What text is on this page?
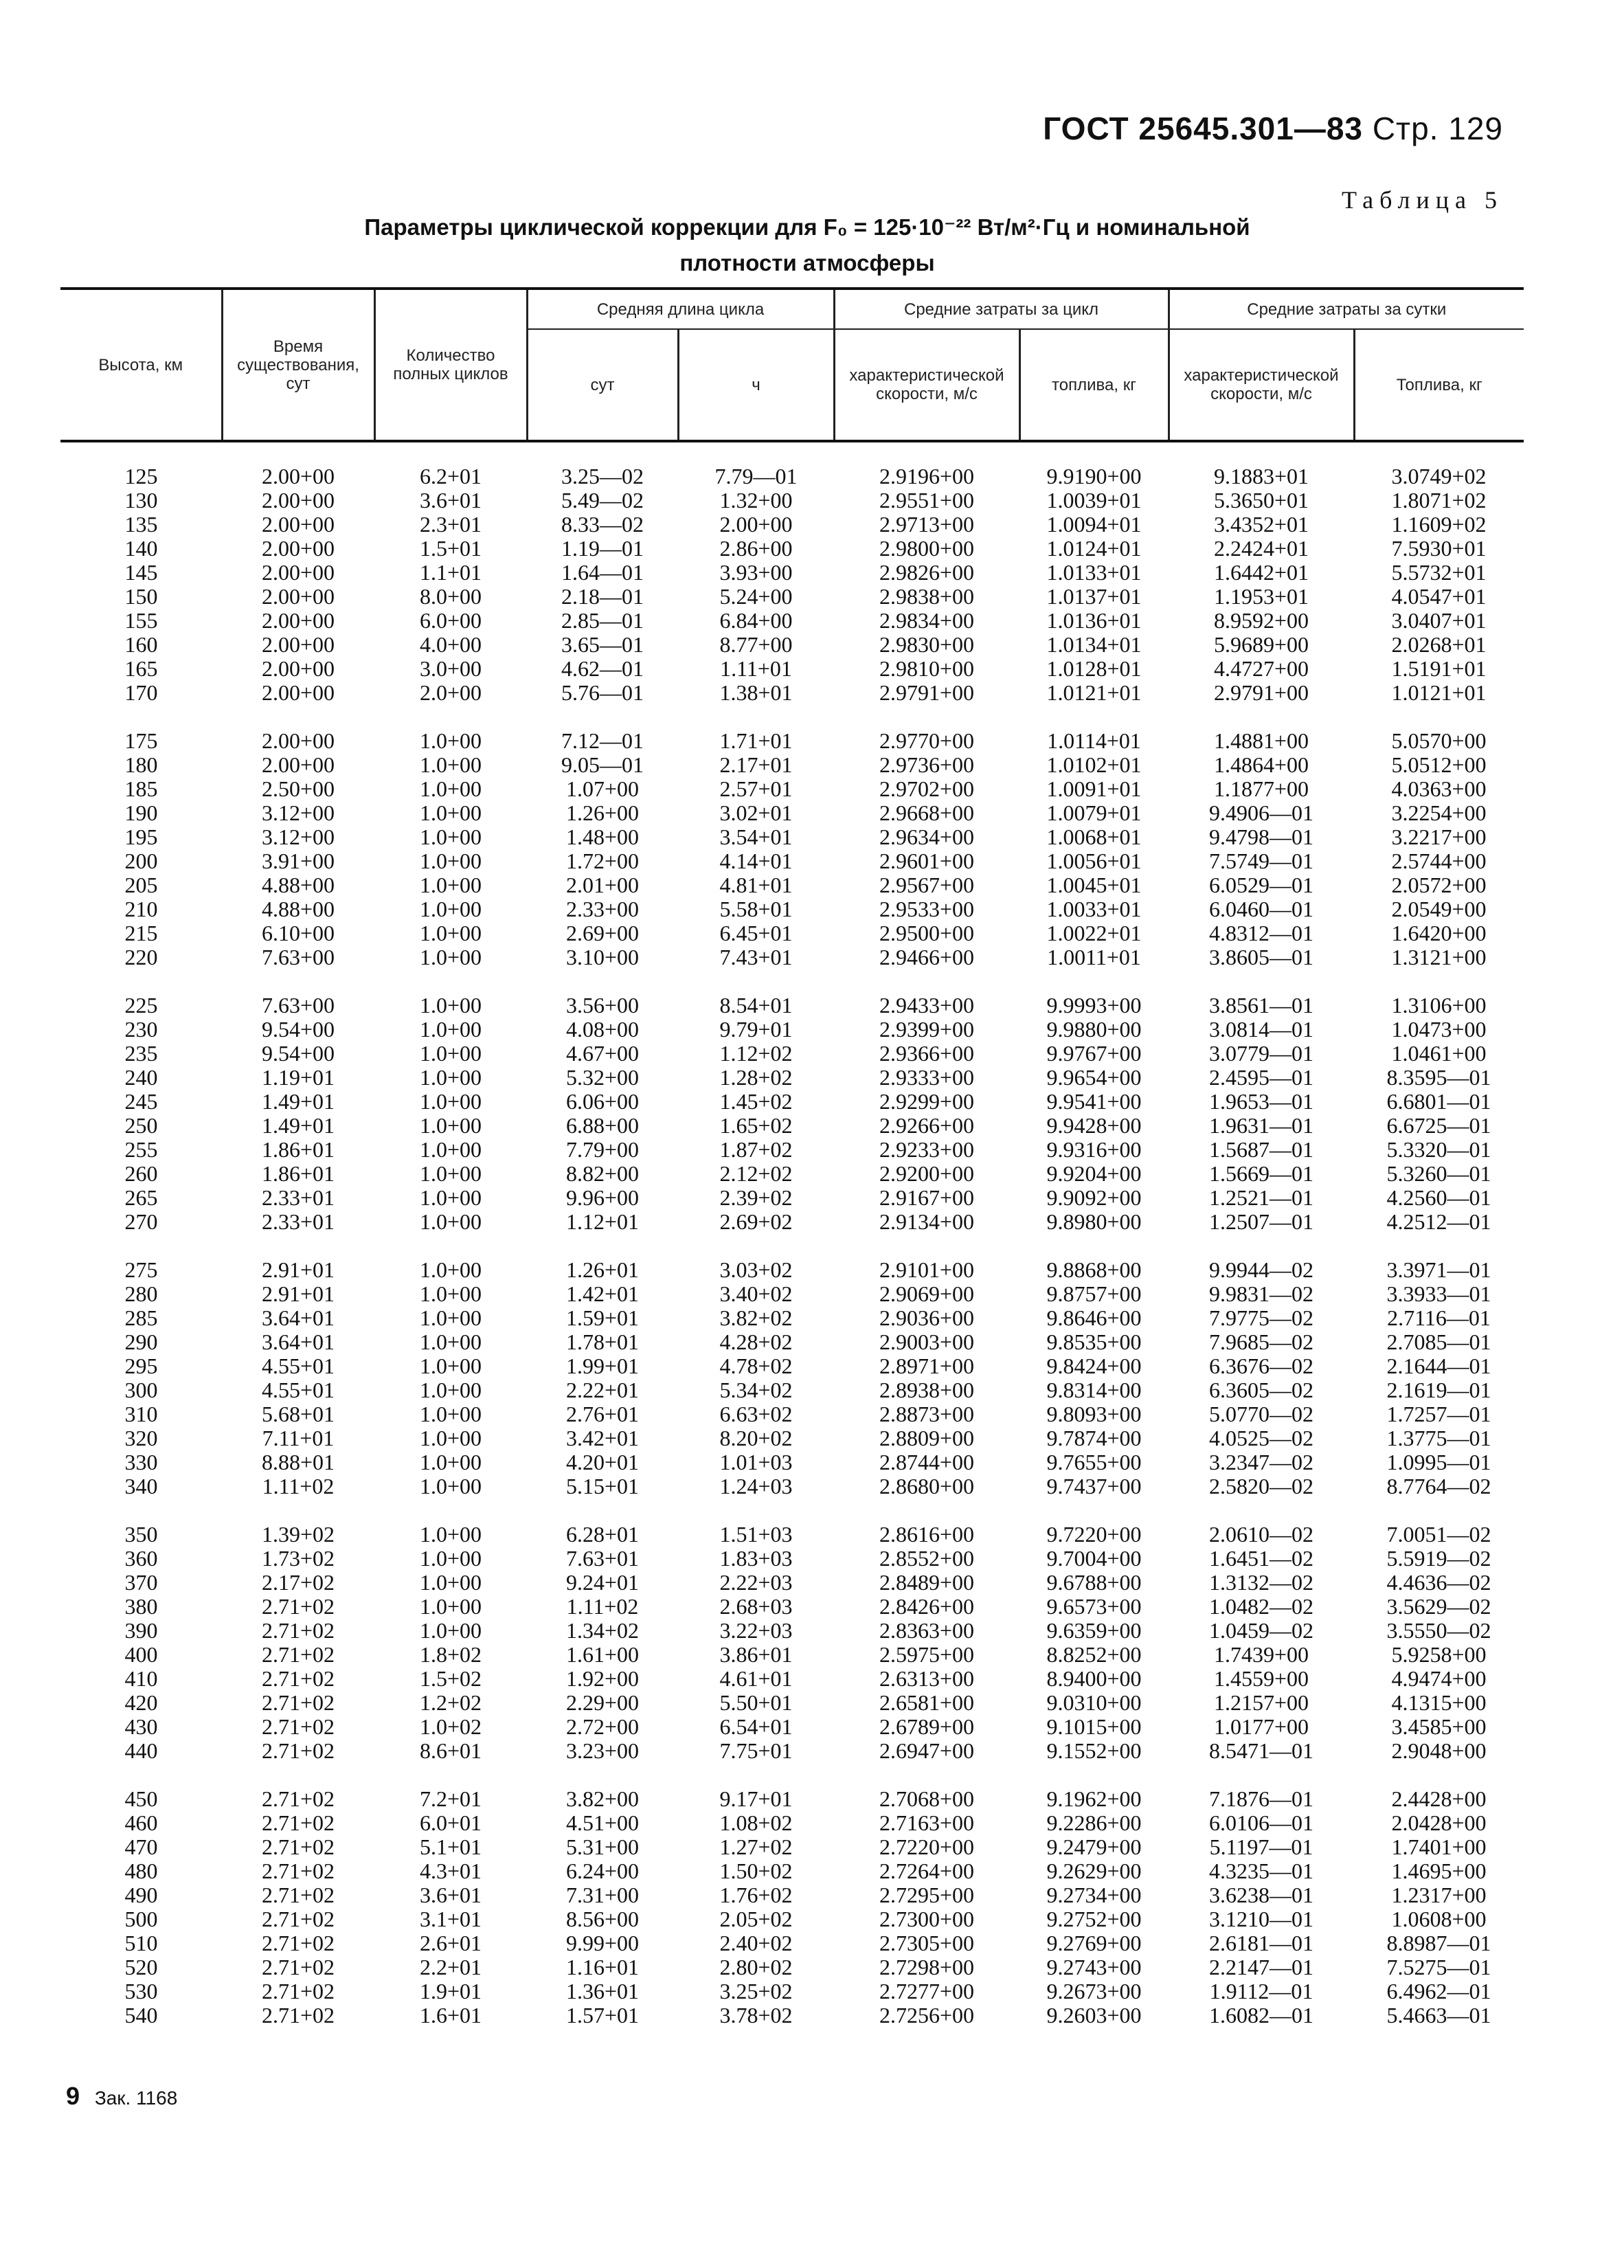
ГОСТ 25645.301—83 Стр. 129
Таблица 5
Параметры циклической коррекции для F₀ = 125·10⁻²² Вт/м²·Гц и номинальной
плотности атмосферы
Высота, км	Время существования, сут	Количество полных циклов	Средняя длина цикла		Средние затраты за цикл		Средние затраты за сутки	
			сут	ч	характеристической скорости, м/с	топлива, кг	характеристической скорости, м/с	Топлива, кг

125	2.00+00	6.2+01	3.25—02	7.79—01	2.9196+00	9.9190+00	9.1883+01	3.0749+02
130	2.00+00	3.6+01	5.49—02	1.32+00	2.9551+00	1.0039+01	5.3650+01	1.8071+02
135	2.00+00	2.3+01	8.33—02	2.00+00	2.9713+00	1.0094+01	3.4352+01	1.1609+02
140	2.00+00	1.5+01	1.19—01	2.86+00	2.9800+00	1.0124+01	2.2424+01	7.5930+01
145	2.00+00	1.1+01	1.64—01	3.93+00	2.9826+00	1.0133+01	1.6442+01	5.5732+01
150	2.00+00	8.0+00	2.18—01	5.24+00	2.9838+00	1.0137+01	1.1953+01	4.0547+01
155	2.00+00	6.0+00	2.85—01	6.84+00	2.9834+00	1.0136+01	8.9592+00	3.0407+01
160	2.00+00	4.0+00	3.65—01	8.77+00	2.9830+00	1.0134+01	5.9689+00	2.0268+01
165	2.00+00	3.0+00	4.62—01	1.11+01	2.9810+00	1.0128+01	4.4727+00	1.5191+01
170	2.00+00	2.0+00	5.76—01	1.38+01	2.9791+00	1.0121+01	2.9791+00	1.0121+01

175	2.00+00	1.0+00	7.12—01	1.71+01	2.9770+00	1.0114+01	1.4881+00	5.0570+00
180	2.00+00	1.0+00	9.05—01	2.17+01	2.9736+00	1.0102+01	1.4864+00	5.0512+00
185	2.50+00	1.0+00	1.07+00	2.57+01	2.9702+00	1.0091+01	1.1877+00	4.0363+00
190	3.12+00	1.0+00	1.26+00	3.02+01	2.9668+00	1.0079+01	9.4906—01	3.2254+00
195	3.12+00	1.0+00	1.48+00	3.54+01	2.9634+00	1.0068+01	9.4798—01	3.2217+00
200	3.91+00	1.0+00	1.72+00	4.14+01	2.9601+00	1.0056+01	7.5749—01	2.5744+00
205	4.88+00	1.0+00	2.01+00	4.81+01	2.9567+00	1.0045+01	6.0529—01	2.0572+00
210	4.88+00	1.0+00	2.33+00	5.58+01	2.9533+00	1.0033+01	6.0460—01	2.0549+00
215	6.10+00	1.0+00	2.69+00	6.45+01	2.9500+00	1.0022+01	4.8312—01	1.6420+00
220	7.63+00	1.0+00	3.10+00	7.43+01	2.9466+00	1.0011+01	3.8605—01	1.3121+00

225	7.63+00	1.0+00	3.56+00	8.54+01	2.9433+00	9.9993+00	3.8561—01	1.3106+00
230	9.54+00	1.0+00	4.08+00	9.79+01	2.9399+00	9.9880+00	3.0814—01	1.0473+00
235	9.54+00	1.0+00	4.67+00	1.12+02	2.9366+00	9.9767+00	3.0779—01	1.0461+00
240	1.19+01	1.0+00	5.32+00	1.28+02	2.9333+00	9.9654+00	2.4595—01	8.3595—01
245	1.49+01	1.0+00	6.06+00	1.45+02	2.9299+00	9.9541+00	1.9653—01	6.6801—01
250	1.49+01	1.0+00	6.88+00	1.65+02	2.9266+00	9.9428+00	1.9631—01	6.6725—01
255	1.86+01	1.0+00	7.79+00	1.87+02	2.9233+00	9.9316+00	1.5687—01	5.3320—01
260	1.86+01	1.0+00	8.82+00	2.12+02	2.9200+00	9.9204+00	1.5669—01	5.3260—01
265	2.33+01	1.0+00	9.96+00	2.39+02	2.9167+00	9.9092+00	1.2521—01	4.2560—01
270	2.33+01	1.0+00	1.12+01	2.69+02	2.9134+00	9.8980+00	1.2507—01	4.2512—01

275	2.91+01	1.0+00	1.26+01	3.03+02	2.9101+00	9.8868+00	9.9944—02	3.3971—01
280	2.91+01	1.0+00	1.42+01	3.40+02	2.9069+00	9.8757+00	9.9831—02	3.3933—01
285	3.64+01	1.0+00	1.59+01	3.82+02	2.9036+00	9.8646+00	7.9775—02	2.7116—01
290	3.64+01	1.0+00	1.78+01	4.28+02	2.9003+00	9.8535+00	7.9685—02	2.7085—01
295	4.55+01	1.0+00	1.99+01	4.78+02	2.8971+00	9.8424+00	6.3676—02	2.1644—01
300	4.55+01	1.0+00	2.22+01	5.34+02	2.8938+00	9.8314+00	6.3605—02	2.1619—01
310	5.68+01	1.0+00	2.76+01	6.63+02	2.8873+00	9.8093+00	5.0770—02	1.7257—01
320	7.11+01	1.0+00	3.42+01	8.20+02	2.8809+00	9.7874+00	4.0525—02	1.3775—01
330	8.88+01	1.0+00	4.20+01	1.01+03	2.8744+00	9.7655+00	3.2347—02	1.0995—01
340	1.11+02	1.0+00	5.15+01	1.24+03	2.8680+00	9.7437+00	2.5820—02	8.7764—02

350	1.39+02	1.0+00	6.28+01	1.51+03	2.8616+00	9.7220+00	2.0610—02	7.0051—02
360	1.73+02	1.0+00	7.63+01	1.83+03	2.8552+00	9.7004+00	1.6451—02	5.5919—02
370	2.17+02	1.0+00	9.24+01	2.22+03	2.8489+00	9.6788+00	1.3132—02	4.4636—02
380	2.71+02	1.0+00	1.11+02	2.68+03	2.8426+00	9.6573+00	1.0482—02	3.5629—02
390	2.71+02	1.0+00	1.34+02	3.22+03	2.8363+00	9.6359+00	1.0459—02	3.5550—02
400	2.71+02	1.8+02	1.61+00	3.86+01	2.5975+00	8.8252+00	1.7439+00	5.9258+00
410	2.71+02	1.5+02	1.92+00	4.61+01	2.6313+00	8.9400+00	1.4559+00	4.9474+00
420	2.71+02	1.2+02	2.29+00	5.50+01	2.6581+00	9.0310+00	1.2157+00	4.1315+00
430	2.71+02	1.0+02	2.72+00	6.54+01	2.6789+00	9.1015+00	1.0177+00	3.4585+00
440	2.71+02	8.6+01	3.23+00	7.75+01	2.6947+00	9.1552+00	8.5471—01	2.9048+00

450	2.71+02	7.2+01	3.82+00	9.17+01	2.7068+00	9.1962+00	7.1876—01	2.4428+00
460	2.71+02	6.0+01	4.51+00	1.08+02	2.7163+00	9.2286+00	6.0106—01	2.0428+00
470	2.71+02	5.1+01	5.31+00	1.27+02	2.7220+00	9.2479+00	5.1197—01	1.7401+00
480	2.71+02	4.3+01	6.24+00	1.50+02	2.7264+00	9.2629+00	4.3235—01	1.4695+00
490	2.71+02	3.6+01	7.31+00	1.76+02	2.7295+00	9.2734+00	3.6238—01	1.2317+00
500	2.71+02	3.1+01	8.56+00	2.05+02	2.7300+00	9.2752+00	3.1210—01	1.0608+00
510	2.71+02	2.6+01	9.99+00	2.40+02	2.7305+00	9.2769+00	2.6181—01	8.8987—01
520	2.71+02	2.2+01	1.16+01	2.80+02	2.7298+00	9.2743+00	2.2147—01	7.5275—01
530	2.71+02	1.9+01	1.36+01	3.25+02	2.7277+00	9.2673+00	1.9112—01	6.4962—01
540	2.71+02	1.6+01	1.57+01	3.78+02	2.7256+00	9.2603+00	1.6082—01	5.4663—01
9 Зак. 1168
